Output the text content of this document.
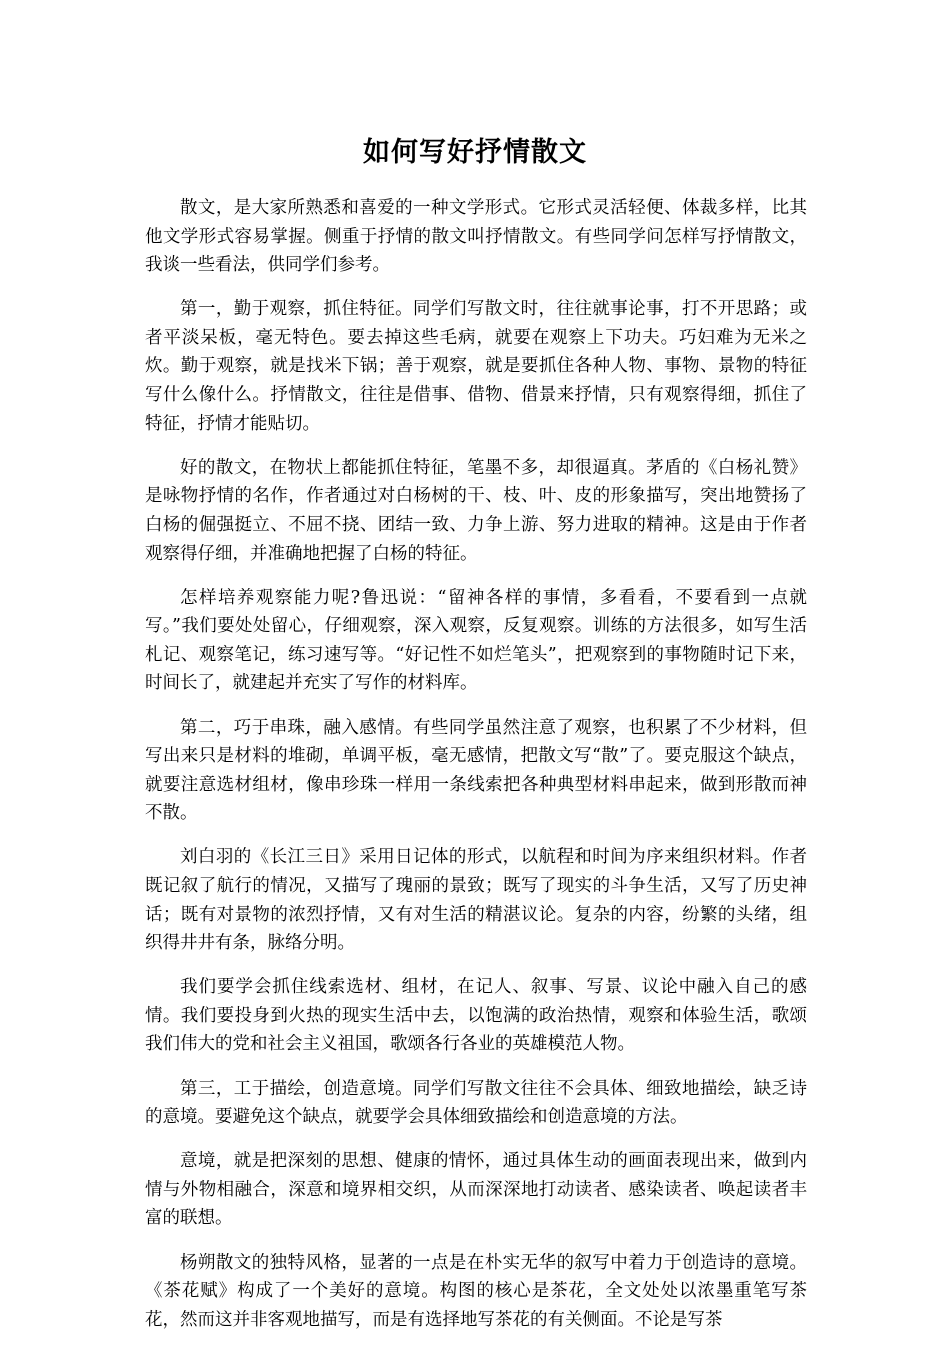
如何写好抒情散文

散文，是大家所熟悉和喜爱的一种文学形式。它形式灵活轻便、体裁多样，比其他文学形式容易掌握。侧重于抒情的散文叫抒情散文。有些同学问怎样写抒情散文，我谈一些看法，供同学们参考。

第一，勤于观察，抓住特征。同学们写散文时，往往就事论事，打不开思路；或者平淡呆板，毫无特色。要去掉这些毛病，就要在观察上下功夫。巧妇难为无米之炊。勤于观察，就是找米下锅；善于观察，就是要抓住各种人物、事物、景物的特征写什么像什么。抒情散文，往往是借事、借物、借景来抒情，只有观察得细，抓住了特征，抒情才能贴切。

好的散文，在物状上都能抓住特征，笔墨不多，却很逼真。茅盾的《白杨礼赞》是咏物抒情的名作，作者通过对白杨树的干、枝、叶、皮的形象描写，突出地赞扬了白杨的倔强挺立、不屈不挠、团结一致、力争上游、努力进取的精神。这是由于作者观察得仔细，并准确地把握了白杨的特征。

怎样培养观察能力呢?鲁迅说：“留神各样的事情，多看看，不要看到一点就写。”我们要处处留心，仔细观察，深入观察，反复观察。训练的方法很多，如写生活札记、观察笔记，练习速写等。“好记性不如烂笔头”，把观察到的事物随时记下来，时间长了，就建起并充实了写作的材料库。

第二，巧于串珠，融入感情。有些同学虽然注意了观察，也积累了不少材料，但写出来只是材料的堆砌，单调平板，毫无感情，把散文写“散”了。要克服这个缺点，就要注意选材组材，像串珍珠一样用一条线索把各种典型材料串起来，做到形散而神不散。

刘白羽的《长江三日》采用日记体的形式，以航程和时间为序来组织材料。作者既记叙了航行的情况，又描写了瑰丽的景致；既写了现实的斗争生活，又写了历史神话；既有对景物的浓烈抒情，又有对生活的精湛议论。复杂的内容，纷繁的头绪，组织得井井有条，脉络分明。

我们要学会抓住线索选材、组材，在记人、叙事、写景、议论中融入自己的感情。我们要投身到火热的现实生活中去，以饱满的政治热情，观察和体验生活，歌颂我们伟大的党和社会主义祖国，歌颂各行各业的英雄模范人物。

第三，工于描绘，创造意境。同学们写散文往往不会具体、细致地描绘，缺乏诗的意境。要避免这个缺点，就要学会具体细致描绘和创造意境的方法。

意境，就是把深刻的思想、健康的情怀，通过具体生动的画面表现出来，做到内情与外物相融合，深意和境界相交织，从而深深地打动读者、感染读者、唤起读者丰富的联想。

杨朔散文的独特风格，显著的一点是在朴实无华的叙写中着力于创造诗的意境。《茶花赋》构成了一个美好的意境。构图的核心是茶花，全文处处以浓墨重笔写茶花，然而这并非客观地描写，而是有选择地写茶花的有关侧面。不论是写茶
